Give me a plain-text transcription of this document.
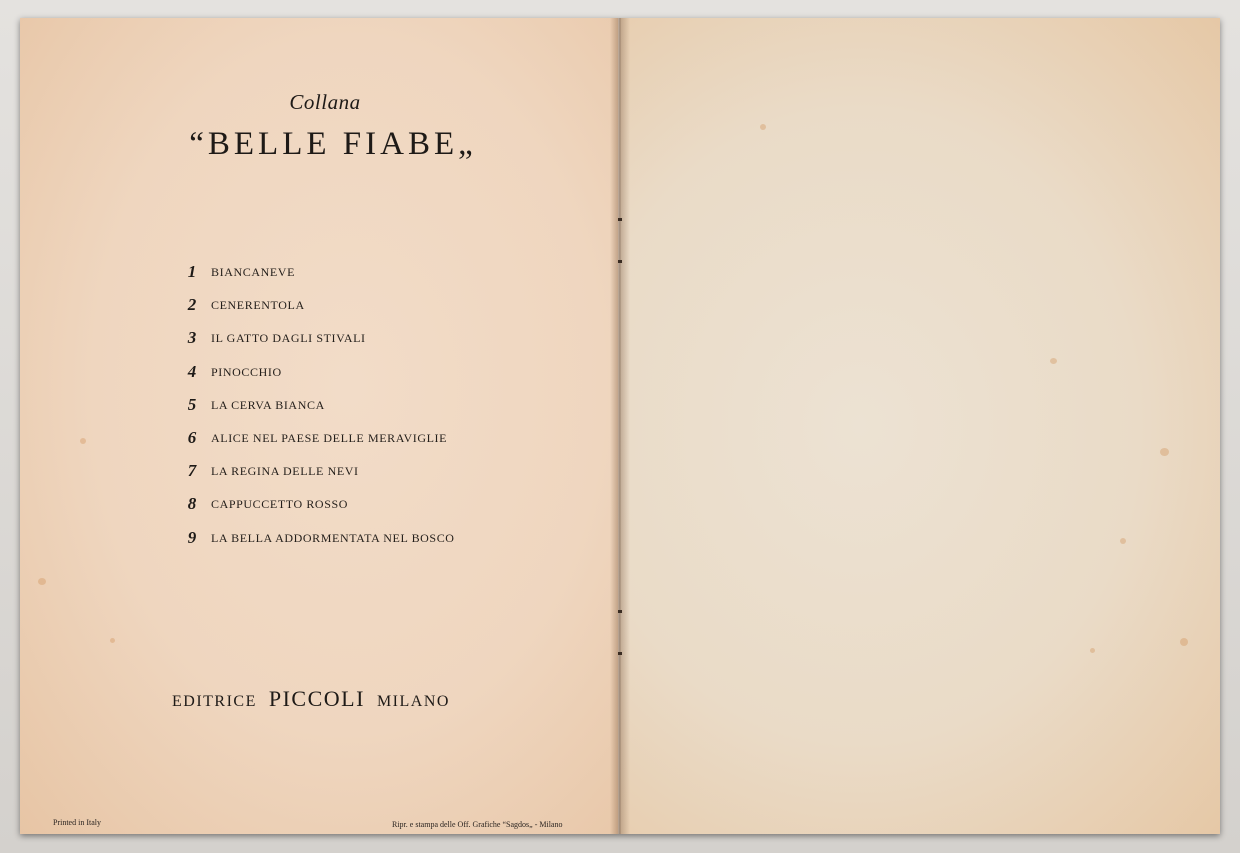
Collana
“BELLE FIABE„
1	BIANCANEVE
2	CENERENTOLA
3	IL GATTO DAGLI STIVALI
4	PINOCCHIO
5	LA CERVA BIANCA
6	ALICE NEL PAESE DELLE MERAVIGLIE
7	LA REGINA DELLE NEVI
8	CAPPUCCETTO ROSSO
9	LA BELLA ADDORMENTATA NEL BOSCO
EDITRICE PICCOLI MILANO
Printed in Italy	Ripr. e stampa delle Off. Grafiche “Sagdos„ - Milano
